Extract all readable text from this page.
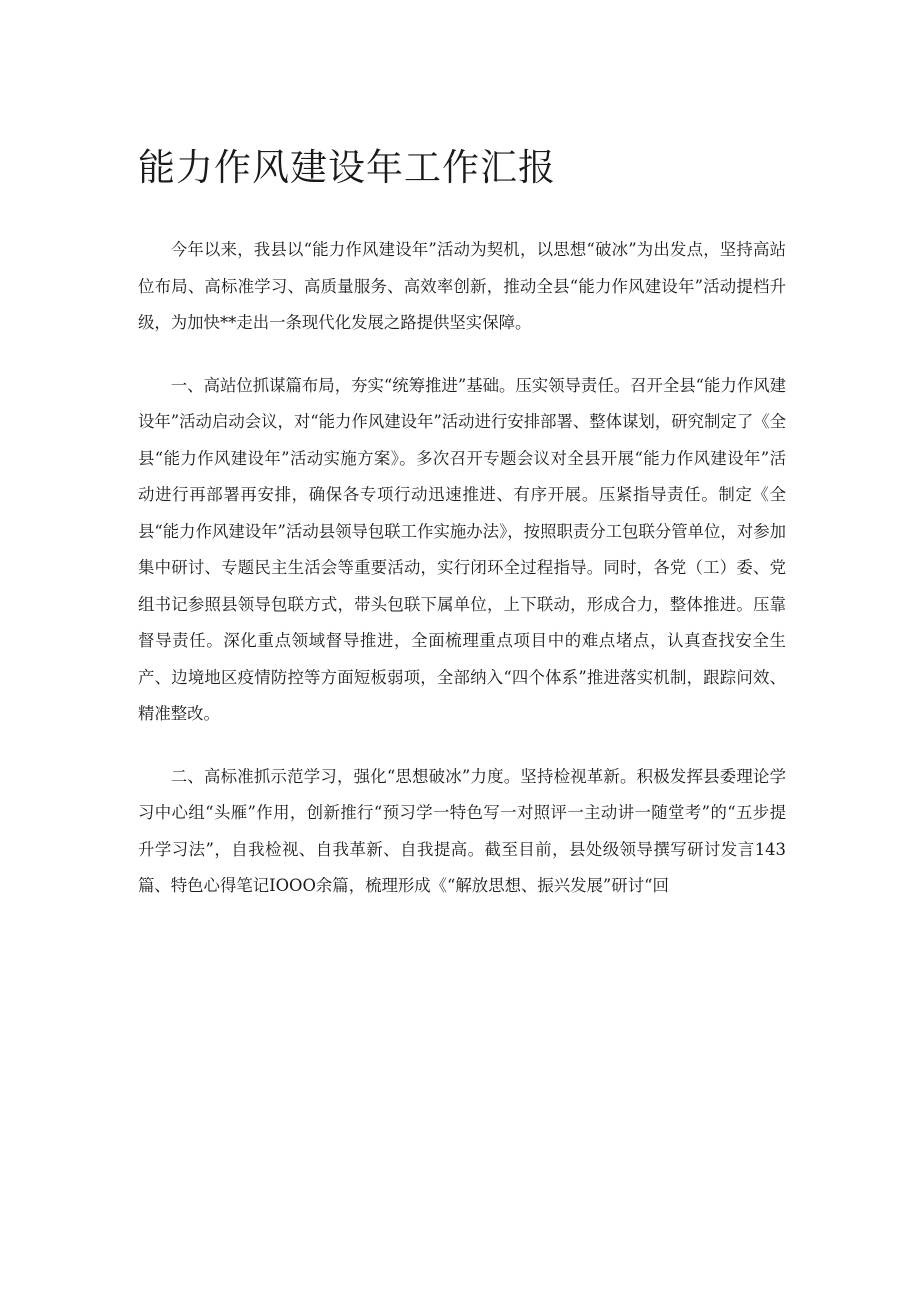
能力作风建设年工作汇报

今年以来，我县以“能力作风建设年”活动为契机，以思想“破冰”为出发点，坚持高站位布局、高标准学习、高质量服务、高效率创新，推动全县“能力作风建设年”活动提档升级，为加快**走出一条现代化发展之路提供坚实保障。

一、高站位抓谋篇布局，夯实“统筹推进”基础。压实领导责任。召开全县“能力作风建设年”活动启动会议，对“能力作风建设年”活动进行安排部署、整体谋划，研究制定了《全县“能力作风建设年”活动实施方案》。多次召开专题会议对全县开展“能力作风建设年”活动进行再部署再安排，确保各专项行动迅速推进、有序开展。压紧指导责任。制定《全县“能力作风建设年”活动县领导包联工作实施办法》，按照职责分工包联分管单位，对参加集中研讨、专题民主生活会等重要活动，实行闭环全过程指导。同时，各党（工）委、党组书记参照县领导包联方式，带头包联下属单位，上下联动，形成合力，整体推进。压靠督导责任。深化重点领域督导推进，全面梳理重点项目中的难点堵点，认真查找安全生产、边境地区疫情防控等方面短板弱项，全部纳入“四个体系”推进落实机制，跟踪问效、精准整改。

二、高标准抓示范学习，强化“思想破冰”力度。坚持检视革新。积极发挥县委理论学习中心组“头雁”作用，创新推行“预习学一特色写一对照评一主动讲一随堂考”的“五步提升学习法”，自我检视、自我革新、自我提高。截至目前，县处级领导撰写研讨发言143篇、特色心得笔记IOOO余篇，梳理形成《“解放思想、振兴发展”研讨“回
